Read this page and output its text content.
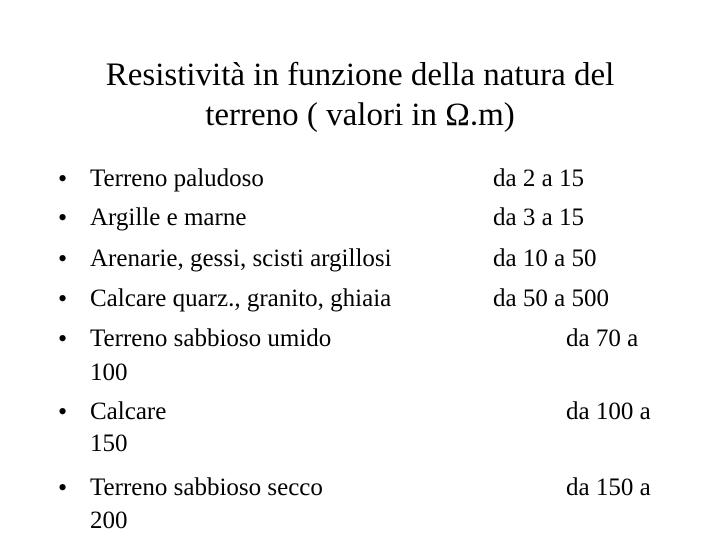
Resistività in funzione della natura del
terreno ( valori in Ω.m)
• Terreno paludoso	da 2 a 15
• Argille e marne	da 3 a 15
• Arenarie, gessi, scisti argillosi	da 10 a 50
• Calcare quarz., granito, ghiaia	da 50 a 500
• Terreno sabbioso umido	da 70 a
100
• Calcare	da 100 a
150
• Terreno sabbioso secco	da 150 a
200
